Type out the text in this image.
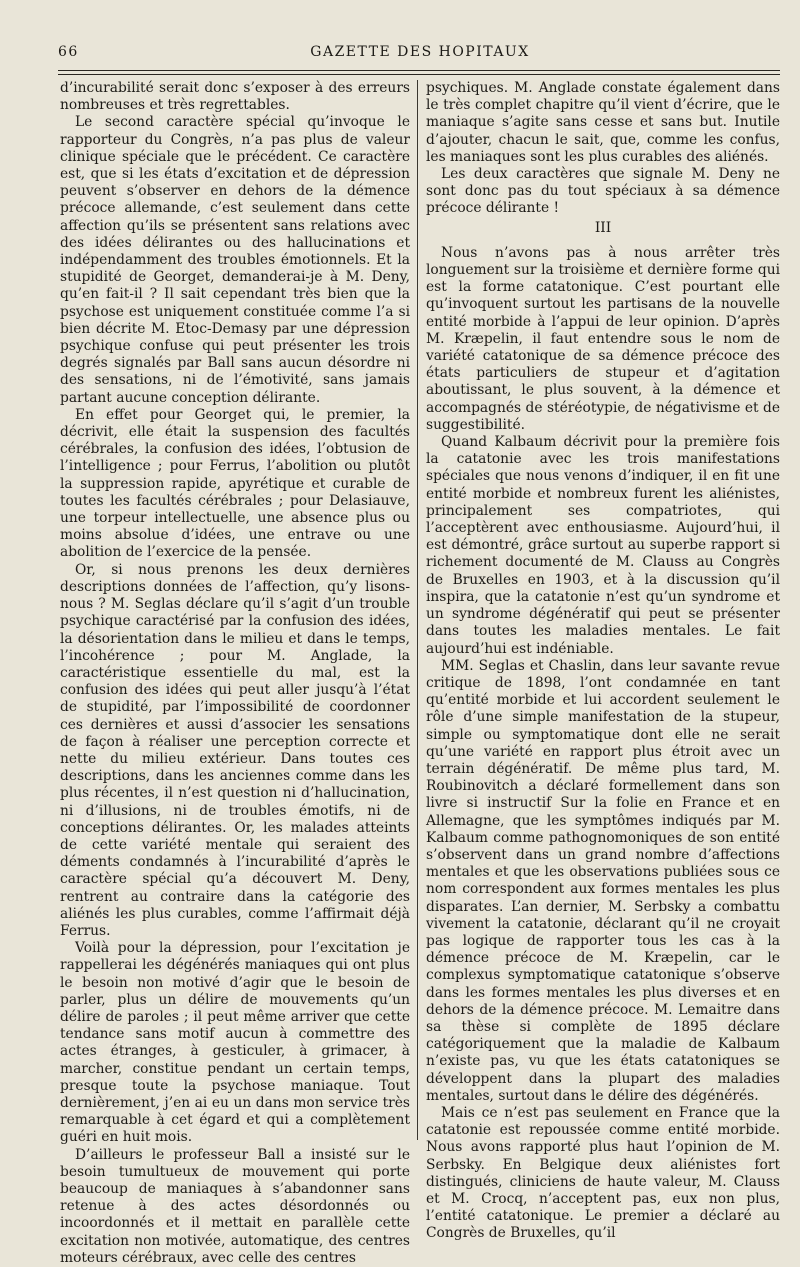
66	GAZETTE DES HOPITAUX

d’incurabilité serait donc s’exposer à des erreurs nombreuses et très regrettables.

Le second caractère spécial qu’invoque le rapporteur du Congrès, n’a pas plus de valeur clinique spéciale que le précédent. Ce caractère est, que si les états d’excitation et de dépression peuvent s’observer en dehors de la démence précoce allemande, c’est seulement dans cette affection qu’ils se présentent sans relations avec des idées délirantes ou des hallucinations et indépendamment des troubles émotionnels. Et la stupidité de Georget, demanderai-je à M. Deny, qu’en fait-il ? Il sait cependant très bien que la psychose est uniquement constituée comme l’a si bien décrite M. Etoc-Demasy par une dépression psychique confuse qui peut présenter les trois degrés signalés par Ball sans aucun désordre ni des sensations, ni de l’émotivité, sans jamais partant aucune conception délirante.

En effet pour Georget qui, le premier, la décrivit, elle était la suspension des facultés cérébrales, la confusion des idées, l’obtusion de l’intelligence ; pour Ferrus, l’abolition ou plutôt la suppression rapide, apyrétique et curable de toutes les facultés cérébrales ; pour Delasiauve, une torpeur intellectuelle, une absence plus ou moins absolue d’idées, une entrave ou une abolition de l’exercice de la pensée.

Or, si nous prenons les deux dernières descriptions données de l’affection, qu’y lisons-nous ? M. Seglas déclare qu’il s’agit d’un trouble psychique caractérisé par la confusion des idées, la désorientation dans le milieu et dans le temps, l’incohérence ; pour M. Anglade, la caractéristique essentielle du mal, est la confusion des idées qui peut aller jusqu’à l’état de stupidité, par l’impossibilité de coordonner ces dernières et aussi d’associer les sensations de façon à réaliser une perception correcte et nette du milieu extérieur. Dans toutes ces descriptions, dans les anciennes comme dans les plus récentes, il n’est question ni d’hallucination, ni d’illusions, ni de troubles émotifs, ni de conceptions délirantes. Or, les malades atteints de cette variété mentale qui seraient des déments condamnés à l’incurabilité d’après le caractère spécial qu’a découvert M. Deny, rentrent au contraire dans la catégorie des aliénés les plus curables, comme l’affirmait déjà Ferrus.

Voilà pour la dépression, pour l’excitation je rappellerai les dégénérés maniaques qui ont plus le besoin non motivé d’agir que le besoin de parler, plus un délire de mouvements qu’un délire de paroles ; il peut même arriver que cette tendance sans motif aucun à commettre des actes étranges, à gesticuler, à grimacer, à marcher, constitue pendant un certain temps, presque toute la psychose maniaque. Tout dernièrement, j’en ai eu un dans mon service très remarquable à cet égard et qui a complètement guéri en huit mois.

D’ailleurs le professeur Ball a insisté sur le besoin tumultueux de mouvement qui porte beaucoup de maniaques à s’abandonner sans retenue à des actes désordonnés ou incoordonnés et il mettait en parallèle cette excitation non motivée, automatique, des centres moteurs cérébraux, avec celle des centres

psychiques. M. Anglade constate également dans le très complet chapitre qu’il vient d’écrire, que le maniaque s’agite sans cesse et sans but. Inutile d’ajouter, chacun le sait, que, comme les confus, les maniaques sont les plus curables des aliénés.

Les deux caractères que signale M. Deny ne sont donc pas du tout spéciaux à sa démence précoce délirante !

III

Nous n’avons pas à nous arrêter très longuement sur la troisième et dernière forme qui est la forme catatonique. C’est pourtant elle qu’invoquent surtout les partisans de la nouvelle entité morbide à l’appui de leur opinion. D’après M. Kræpelin, il faut entendre sous le nom de variété catatonique de sa démence précoce des états particuliers de stupeur et d’agitation aboutissant, le plus souvent, à la démence et accompagnés de stéréotypie, de négativisme et de suggestibilité.

Quand Kalbaum décrivit pour la première fois la catatonie avec les trois manifestations spéciales que nous venons d’indiquer, il en fit une entité morbide et nombreux furent les aliénistes, principalement ses compatriotes, qui l’acceptèrent avec enthousiasme. Aujourd’hui, il est démontré, grâce surtout au superbe rapport si richement documenté de M. Clauss au Congrès de Bruxelles en 1903, et à la discussion qu’il inspira, que la catatonie n’est qu’un syndrome et un syndrome dégénératif qui peut se présenter dans toutes les maladies mentales. Le fait aujourd’hui est indéniable.

MM. Seglas et Chaslin, dans leur savante revue critique de 1898, l’ont condamnée en tant qu’entité morbide et lui accordent seulement le rôle d’une simple manifestation de la stupeur, simple ou symptomatique dont elle ne serait qu’une variété en rapport plus étroit avec un terrain dégénératif. De même plus tard, M. Roubinovitch a déclaré formellement dans son livre si instructif Sur la folie en France et en Allemagne, que les symptômes indiqués par M. Kalbaum comme pathognomoniques de son entité s’observent dans un grand nombre d’affections mentales et que les observations publiées sous ce nom correspondent aux formes mentales les plus disparates. L’an dernier, M. Serbsky a combattu vivement la catatonie, déclarant qu’il ne croyait pas logique de rapporter tous les cas à la démence précoce de M. Kræpelin, car le complexus symptomatique catatonique s’observe dans les formes mentales les plus diverses et en dehors de la démence précoce. M. Lemaitre dans sa thèse si complète de 1895 déclare catégoriquement que la maladie de Kalbaum n’existe pas, vu que les états catatoniques se développent dans la plupart des maladies mentales, surtout dans le délire des dégénérés.

Mais ce n’est pas seulement en France que la catatonie est repoussée comme entité morbide. Nous avons rapporté plus haut l’opinion de M. Serbsky. En Belgique deux aliénistes fort distingués, cliniciens de haute valeur, M. Clauss et M. Crocq, n’acceptent pas, eux non plus, l’entité catatonique. Le premier a déclaré au Congrès de Bruxelles, qu’il
